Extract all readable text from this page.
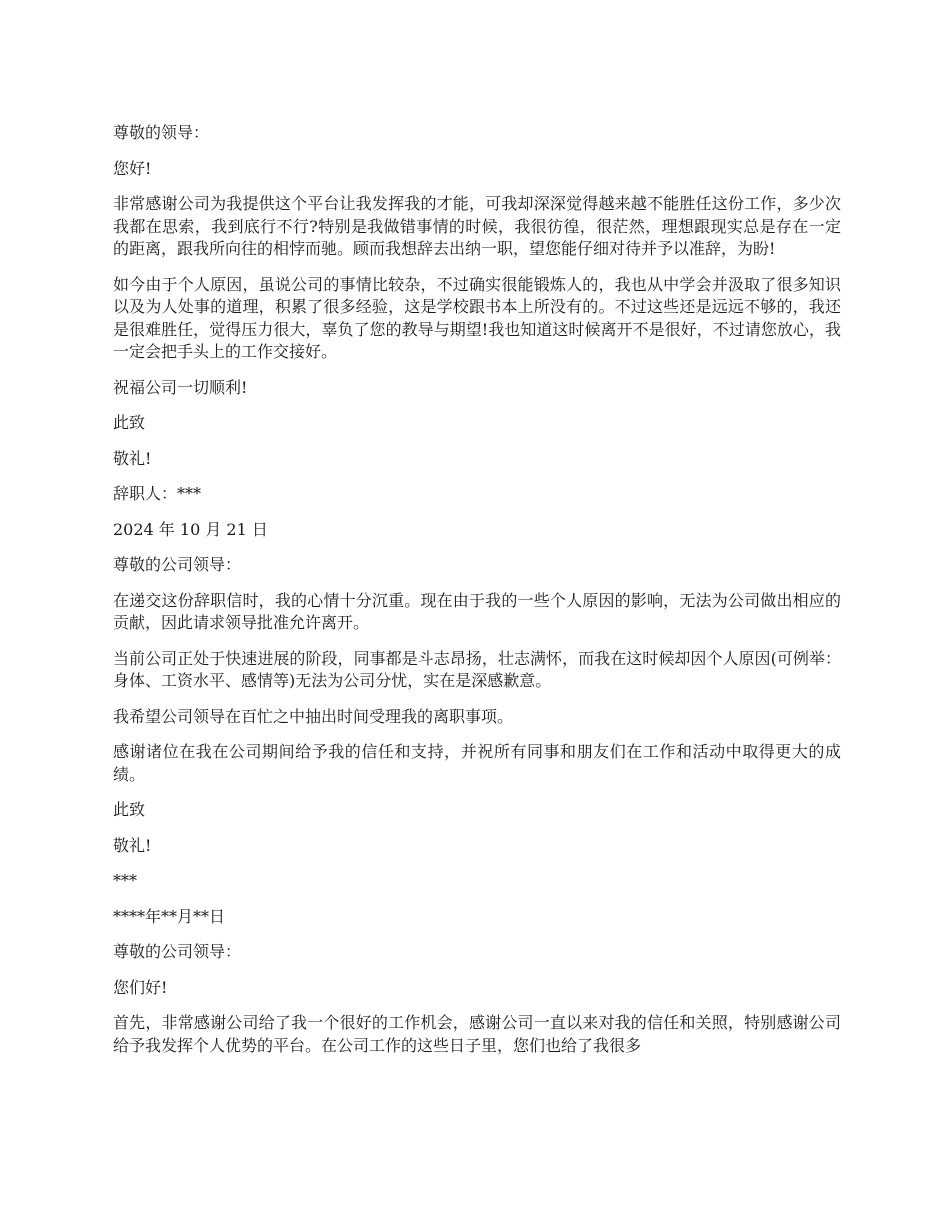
尊敬的领导：

您好!

非常感谢公司为我提供这个平台让我发挥我的才能，可我却深深觉得越来越不能胜任这份工作，多少次我都在思索，我到底行不行?特别是我做错事情的时候，我很彷徨，很茫然，理想跟现实总是存在一定的距离，跟我所向往的相悖而驰。顾而我想辞去出纳一职，望您能仔细对待并予以准辞，为盼!

如今由于个人原因，虽说公司的事情比较杂，不过确实很能锻炼人的，我也从中学会并汲取了很多知识以及为人处事的道理，积累了很多经验，这是学校跟书本上所没有的。不过这些还是远远不够的，我还是很难胜任，觉得压力很大，辜负了您的教导与期望!我也知道这时候离开不是很好，不过请您放心，我一定会把手头上的工作交接好。

祝福公司一切顺利!

此致

敬礼!

辞职人：***

2024 年 10 月 21 日

尊敬的公司领导：

在递交这份辞职信时，我的心情十分沉重。现在由于我的一些个人原因的影响，无法为公司做出相应的贡献，因此请求领导批准允许离开。

当前公司正处于快速进展的阶段，同事都是斗志昂扬，壮志满怀，而我在这时候却因个人原因(可例举：身体、工资水平、感情等)无法为公司分忧，实在是深感歉意。

我希望公司领导在百忙之中抽出时间受理我的离职事项。

感谢诸位在我在公司期间给予我的信任和支持，并祝所有同事和朋友们在工作和活动中取得更大的成绩。

此致

敬礼!

***

****年**月**日

尊敬的公司领导：

您们好!

首先，非常感谢公司给了我一个很好的工作机会，感谢公司一直以来对我的信任和关照，特别感谢公司给予我发挥个人优势的平台。在公司工作的这些日子里，您们也给了我很多
